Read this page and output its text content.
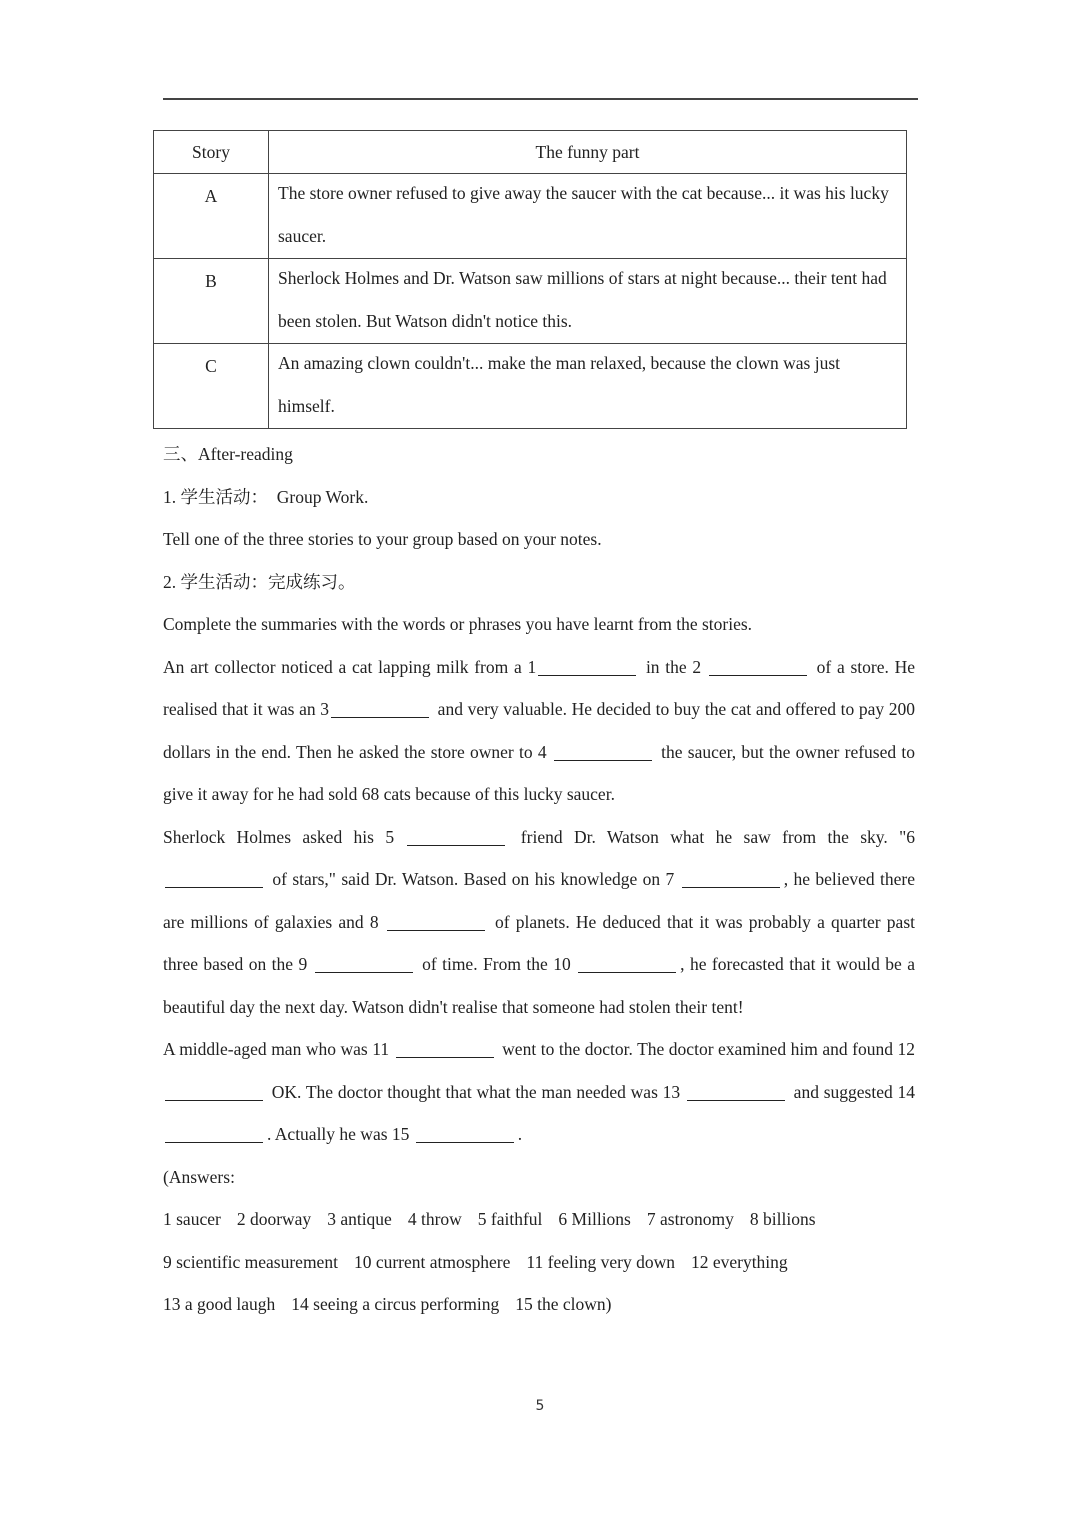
Story	The funny part
A	The store owner refused to give away the saucer with the cat because... it was his lucky saucer.

B	Sherlock Holmes and Dr. Watson saw millions of stars at night because... their tent had been stolen. But Watson didn't notice this.

C	An amazing clown couldn't... make the man relaxed, because the clown was just himself.

三、After-reading

1. 学生活动： Group Work.

Tell one of the three stories to your group based on your notes.

2. 学生活动：完成练习。

Complete the summaries with the words or phrases you have learnt from the stories.

An art collector noticed a cat lapping milk from a 1	in the 2	of a store. He realised that it was an 3	and very valuable. He decided to buy the cat and offered to pay 200 dollars in the end. Then he asked the store owner to 4	the saucer, but the owner refused to give it away for he had sold 68 cats because of this lucky saucer.

Sherlock Holmes asked his 5	friend Dr. Watson what he saw from the sky. "6  of stars," said Dr. Watson. Based on his knowledge on 7	, he believed there are millions of galaxies and 8	of planets. He deduced that it was probably a quarter past three based on the 9	of time. From the 10	, he forecasted that it would be a beautiful day the next day. Watson didn't realise that someone had stolen their tent!

A middle-aged man who was 11	went to the doctor. The doctor examined him and found 12  OK. The doctor thought that what the man needed was 13	and suggested 14 . Actually he was 15	.

(Answers:

1 saucer 2 doorway 3 antique 4 throw 5 faithful 6 Millions 7 astronomy 8 billions

9 scientific measurement 10 current atmosphere 11 feeling very down 12 everything

13 a good laugh 14 seeing a circus performing 15 the clown)

5
